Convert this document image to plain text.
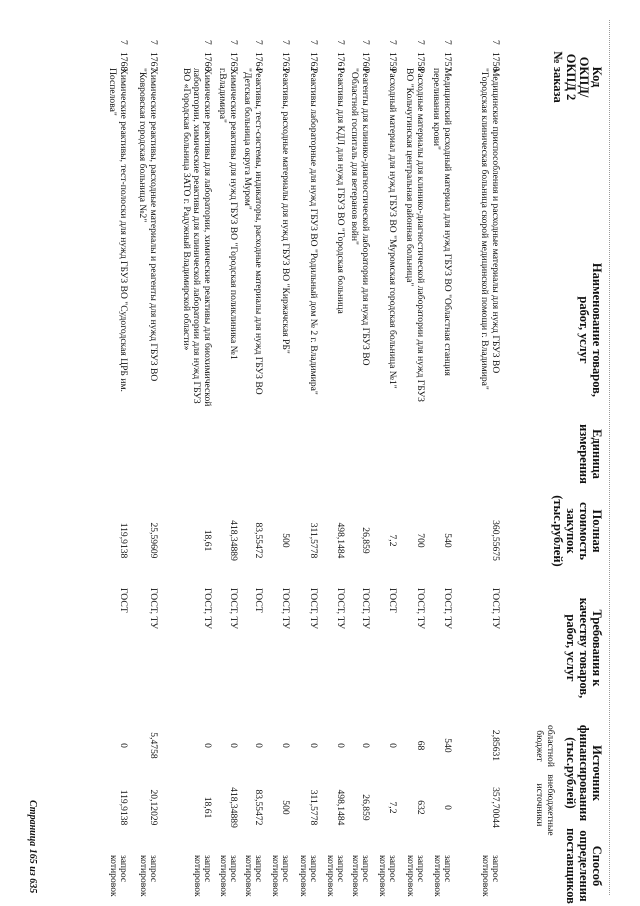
Код
ОКПД/
ОКПД 2
№ заказа
Наименование товаров,
работ, услуг
Единица
измерения
Полная
стоимость
закупок
(тыс.рублей)
Требования к
качеству товаров,
работ, услуг
Источник
финансирования
(тыс.рублей)
областной
бюджет
внебюджетные
источники
Способ
определения
поставщиков
7
1756
Медицинские приспособления и расходные материалы для нужд ГБУЗ ВО "Городская клиническая больница скорой медицинской помощи г. Владимира"
360,55675
ГОСТ, ТУ
2,85631
357,70044
запрос котировок
7
1757
Медицинский расходный материал для нужд ГБУЗ ВО "Областная станция переливания крови"
540
ГОСТ, ТУ
540
0
запрос котировок
7
1758
Расходные материалы для клинико-диагностической лаборатории для нужд ГБУЗ ВО "Кольчугинская центральная районная больница"
700
ГОСТ, ТУ
68
632
запрос котировок
7
1759
Расходный материал для нужд ГБУЗ ВО "Муромская городская больница №1"
7,2
ГОСТ
0
7,2
запрос котировок
7
1760
Реагенты для клинико-диагностической лаборатории для нужд ГБУЗ ВО "Областной госпиталь для ветеранов войн"
26,859
ГОСТ, ТУ
0
26,859
запрос котировок
7
1761
Реактивы для КДЛ для нужд ГБУЗ ВО "Городская больница
498,1484
ГОСТ, ТУ
0
498,1484
запрос котировок
7
1762
Реактивы лабораторные для нужд ГБУЗ ВО "Родильный дом № 2 г. Владимира"
311,5778
ГОСТ, ТУ
0
311,5778
запрос котировок
7
1763
Реактивы, расходные материалы для нужд ГБУЗ ВО "Киржачская РБ"
500
ГОСТ, ТУ
0
500
запрос котировок
7
1764
Реактивы, тест-системы, индикаторы, расходные материалы для нужд ГБУЗ ВО "Детская больница округа Муром"
83,55472
ГОСТ
0
83,55472
запрос котировок
7
1765
Химические реактивы для нужд ГБУЗ ВО "Городская поликлиника №1 г.Владимира"
418,34889
ГОСТ, ТУ
0
418,34889
запрос котировок
7
1766
Химические реактивы для лаборатории, химические реактивы для биохимической лаборатории, химические реактивы для клинической лаборатории для нужд ГБУЗ ВО «Городская больница ЗАТО г. Радужный Владимирской области»
18,61
ГОСТ, ТУ
0
18,61
запрос котировок
7
1767
Химические реактивы, расходные материалы и реагенты для нужд ГБУЗ ВО "Ковровская городская больница №2"
25,59609
ГОСТ, ТУ
5,4758
20,12029
запрос котировок
7
1768
Химические реактивы, тест-полоски для нужд ГБУЗ ВО "Судогодская ЦРБ им. Поспелова"
119,9138
ГОСТ
0
119,9138
запрос котировок
Страница 165 из 635
